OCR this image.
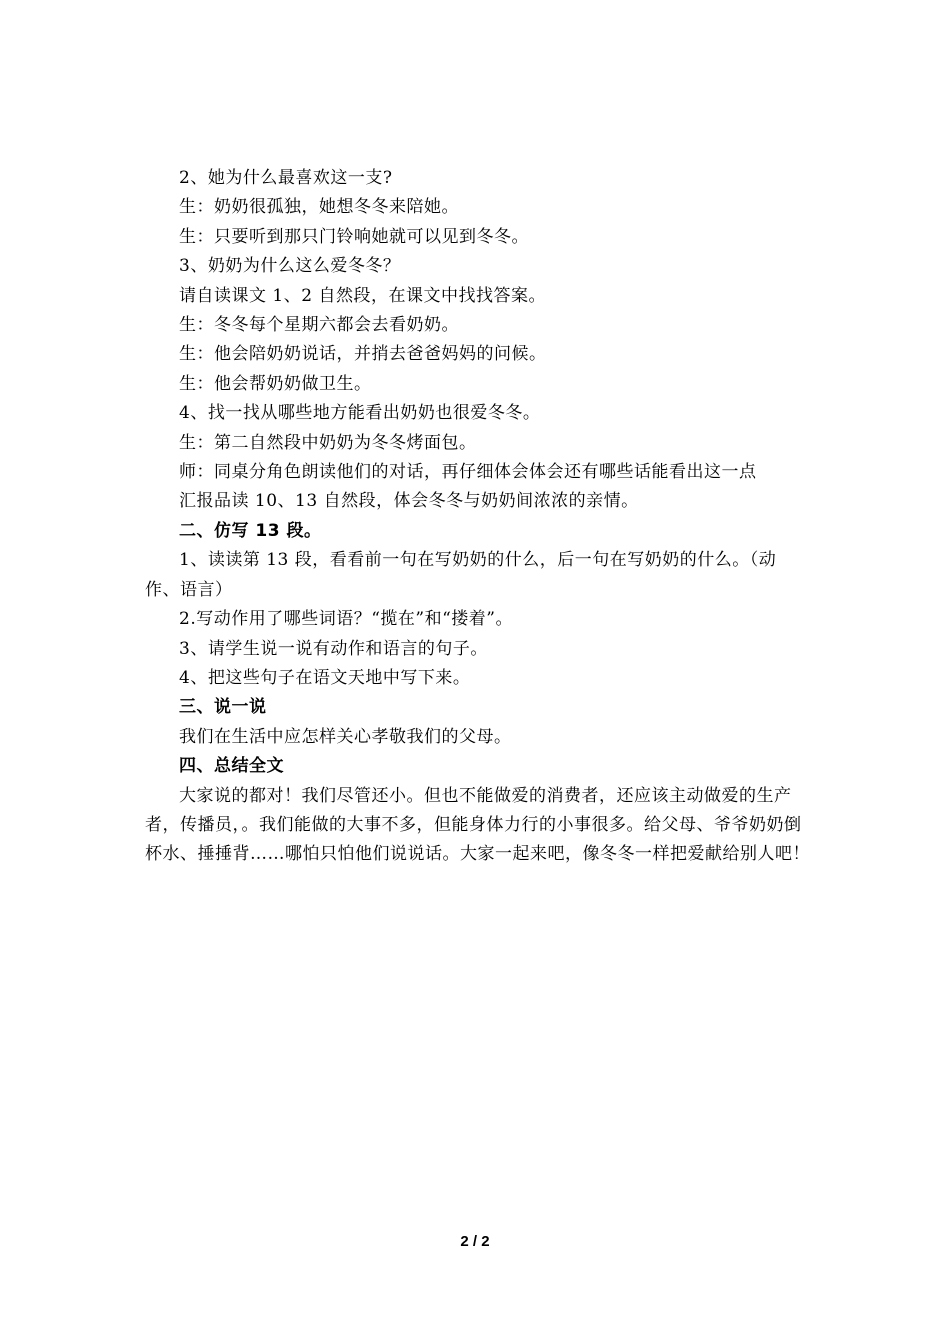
2、她为什么最喜欢这一支?

生：奶奶很孤独，她想冬冬来陪她。

生：只要听到那只门铃响她就可以见到冬冬。

3、奶奶为什么这么爱冬冬？

请自读课文 1、2 自然段，在课文中找找答案。

生：冬冬每个星期六都会去看奶奶。

生：他会陪奶奶说话，并捎去爸爸妈妈的问候。

生：他会帮奶奶做卫生。

4、找一找从哪些地方能看出奶奶也很爱冬冬。

生：第二自然段中奶奶为冬冬烤面包。

师：同桌分角色朗读他们的对话，再仔细体会体会还有哪些话能看出这一点

汇报品读 10、13 自然段，体会冬冬与奶奶间浓浓的亲情。

二、仿写 13 段。

1、读读第 13 段，看看前一句在写奶奶的什么，后一句在写奶奶的什么。（动作、语言）

2.写动作用了哪些词语？“揽在”和“搂着”。

3、请学生说一说有动作和语言的句子。

4、把这些句子在语文天地中写下来。

三、说一说

我们在生活中应怎样关心孝敬我们的父母。

四、总结全文

大家说的都对！我们尽管还小。但也不能做爱的消费者，还应该主动做爱的生产者，传播员，。我们能做的大事不多，但能身体力行的小事很多。给父母、爷爷奶奶倒杯水、捶捶背……哪怕只怕他们说说话。大家一起来吧，像冬冬一样把爱献给别人吧！

2 / 2
